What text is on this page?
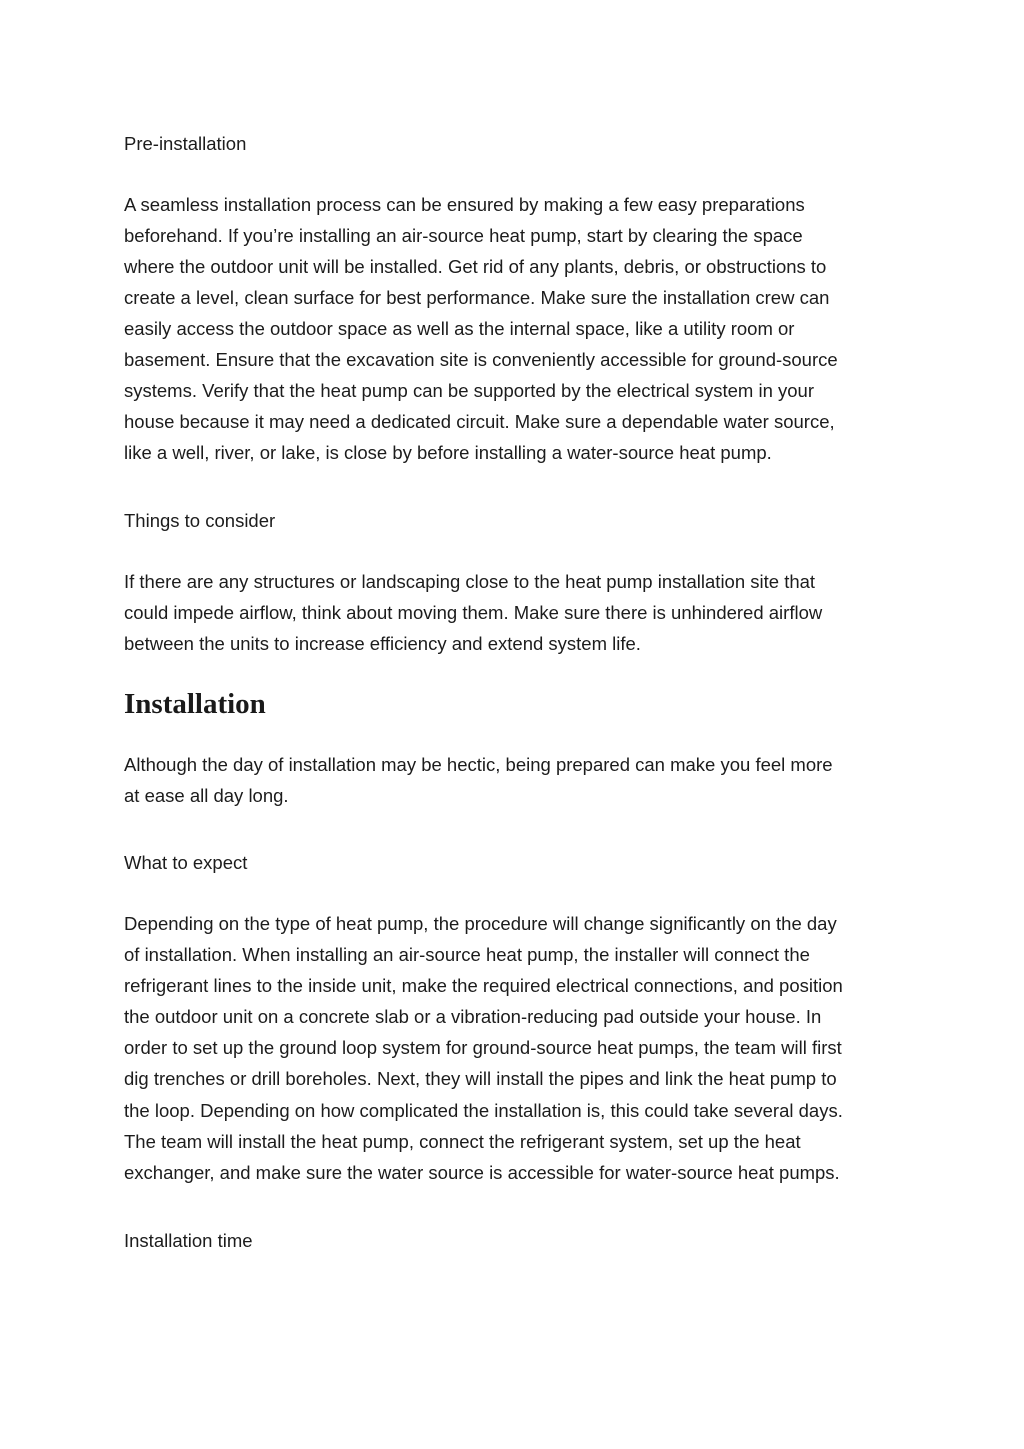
Pre-installation

A seamless installation process can be ensured by making a few easy preparations

beforehand. If you’re installing an air-source heat pump, start by clearing the space

where the outdoor unit will be installed. Get rid of any plants, debris, or obstructions to

create a level, clean surface for best performance. Make sure the installation crew can

easily access the outdoor space as well as the internal space, like a utility room or

basement. Ensure that the excavation site is conveniently accessible for ground-source

systems. Verify that the heat pump can be supported by the electrical system in your

house because it may need a dedicated circuit. Make sure a dependable water source,

like a well, river, or lake, is close by before installing a water-source heat pump.

Things to consider

If there are any structures or landscaping close to the heat pump installation site that

could impede airflow, think about moving them. Make sure there is unhindered airflow

between the units to increase efficiency and extend system life.

Installation

Although the day of installation may be hectic, being prepared can make you feel more

at ease all day long.

What to expect

Depending on the type of heat pump, the procedure will change significantly on the day

of installation. When installing an air-source heat pump, the installer will connect the

refrigerant lines to the inside unit, make the required electrical connections, and position

the outdoor unit on a concrete slab or a vibration-reducing pad outside your house. In

order to set up the ground loop system for ground-source heat pumps, the team will first

dig trenches or drill boreholes. Next, they will install the pipes and link the heat pump to

the loop. Depending on how complicated the installation is, this could take several days.

The team will install the heat pump, connect the refrigerant system, set up the heat

exchanger, and make sure the water source is accessible for water-source heat pumps.

Installation time
